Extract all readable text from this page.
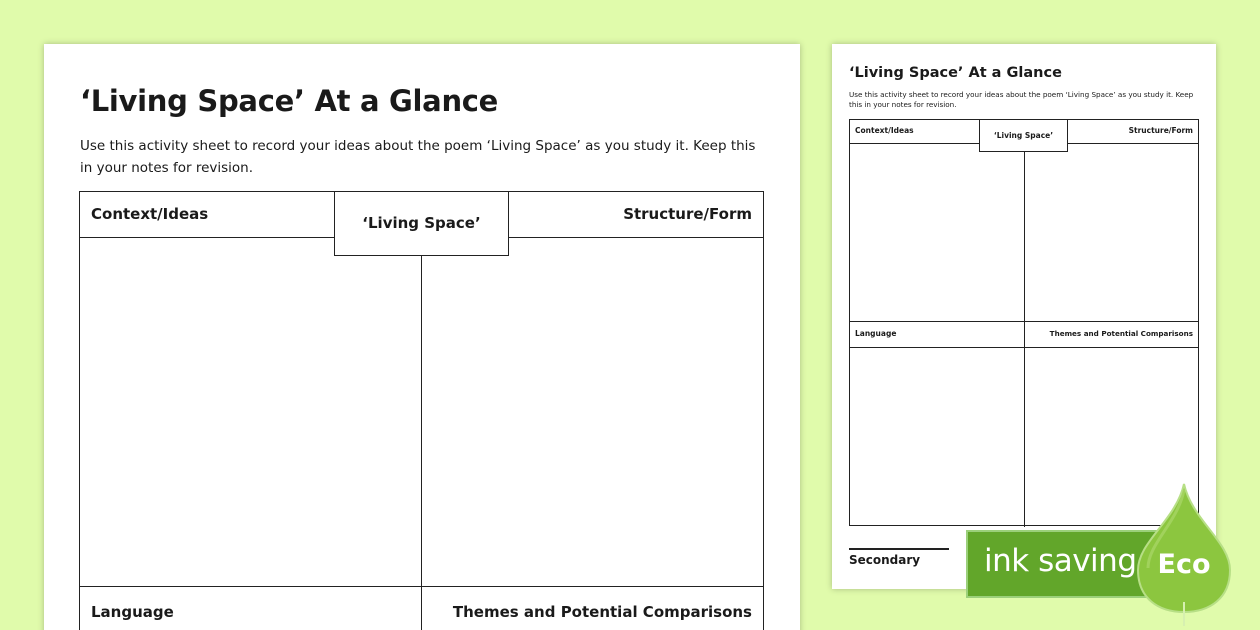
‘Living Space’ At a Glance
Use this activity sheet to record your ideas about the poem ‘Living Space’ as you study it. Keep this in your notes for revision.
Context/Ideas	Structure/Form
Language	Themes and Potential Comparisons
‘Living Space’
‘Living Space’ At a Glance
Use this activity sheet to record your ideas about the poem ‘Living Space’ as you study it. Keep this in your notes for revision.
Context/Ideas	Structure/Form
Language	Themes and Potential Comparisons
‘Living Space’
Secondary ink saving Eco
